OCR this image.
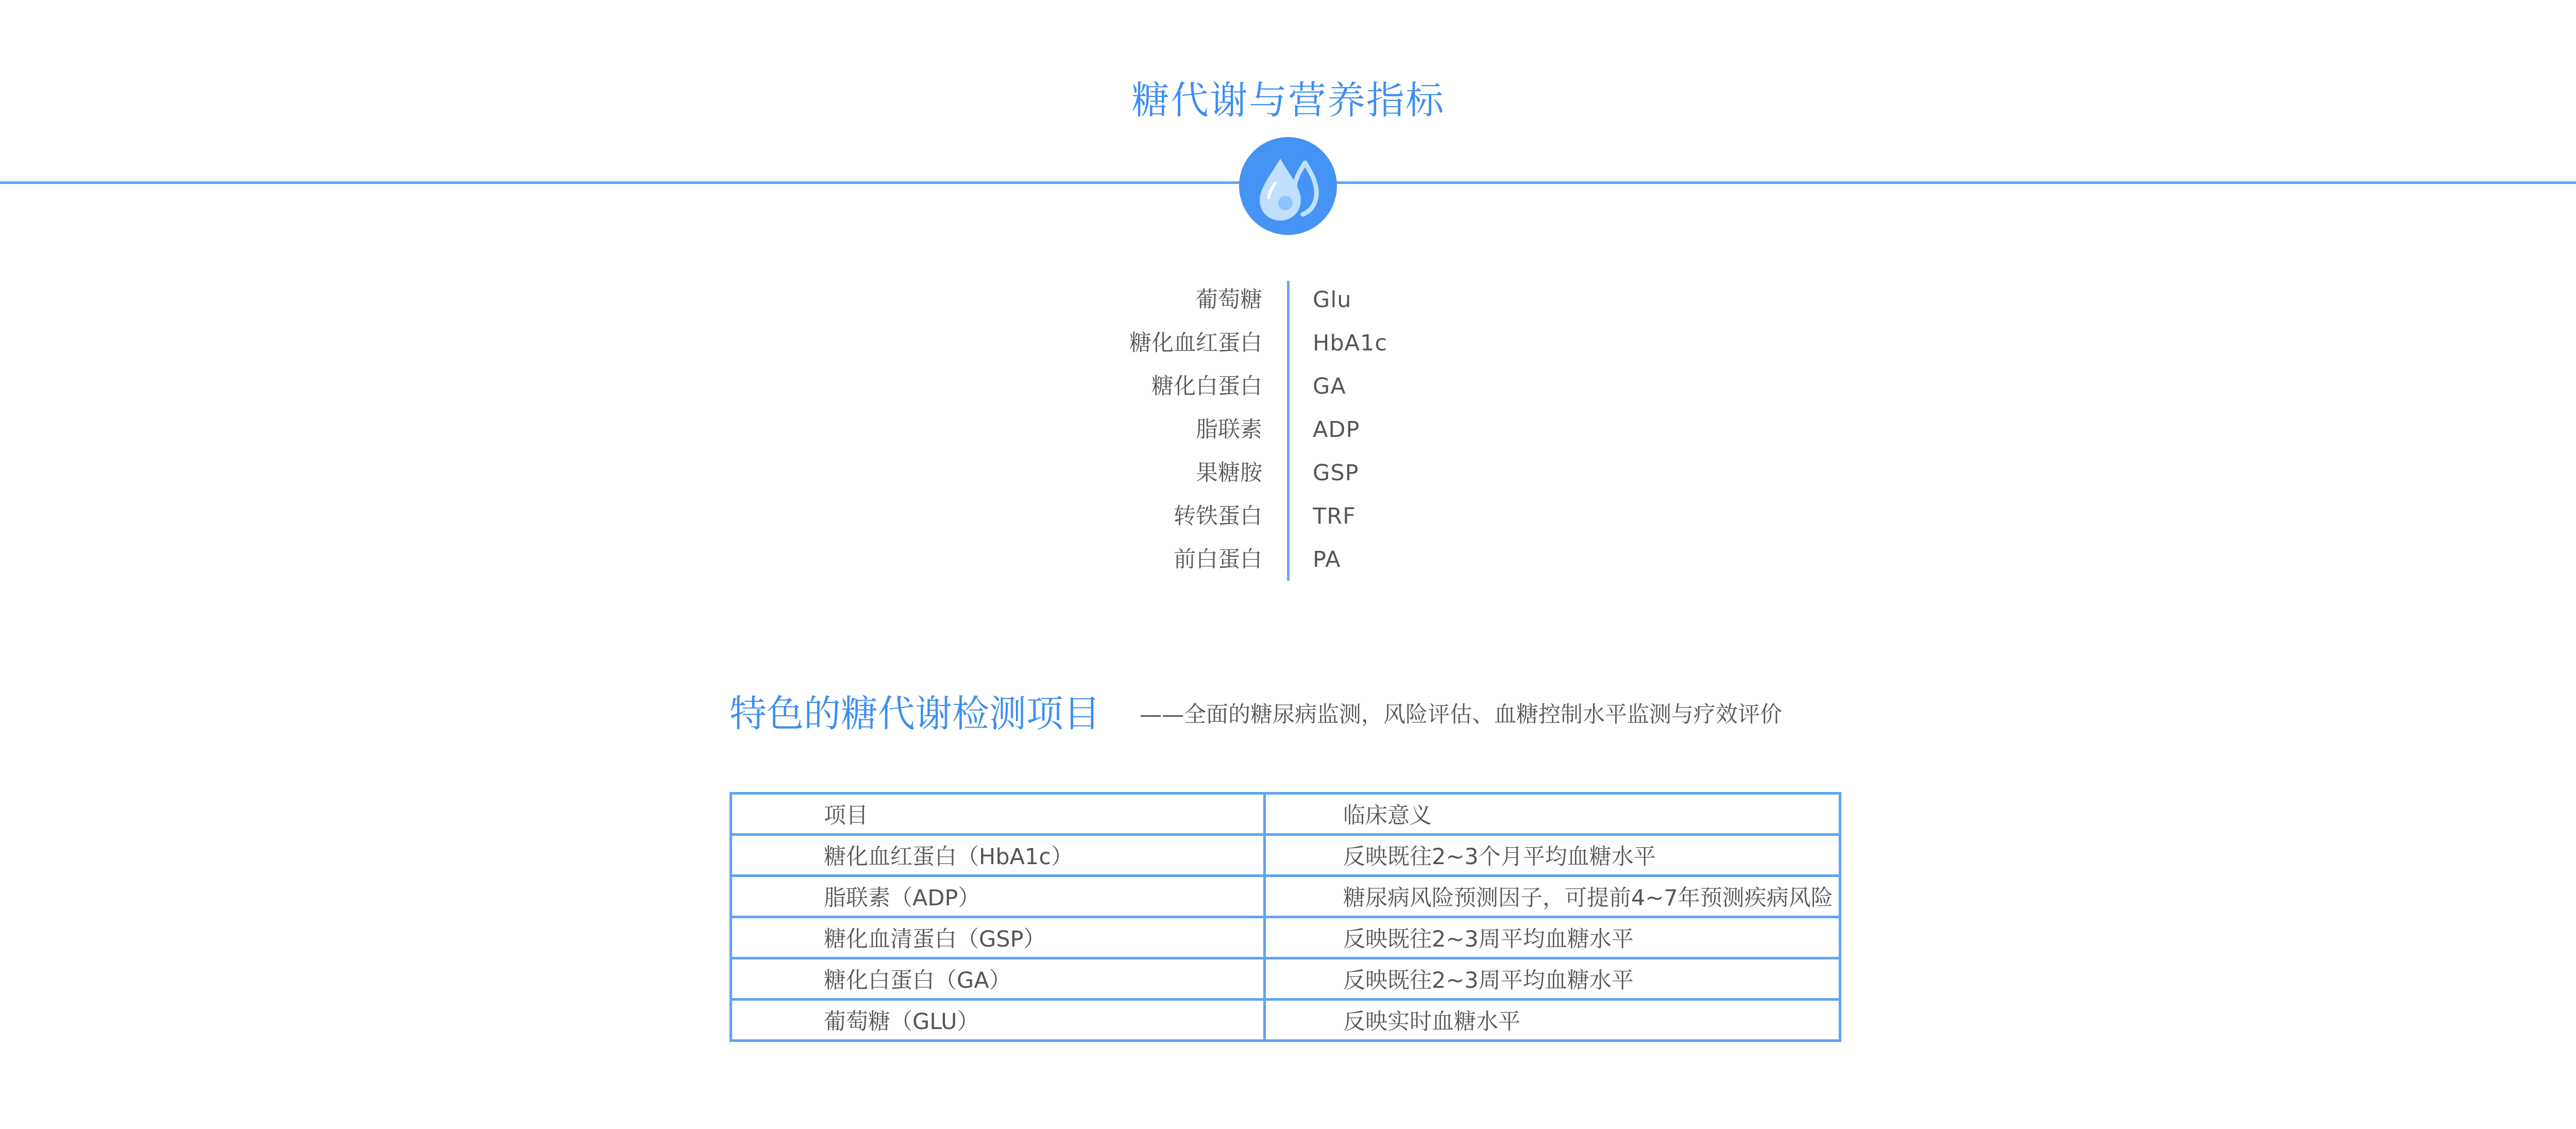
糖代谢与营养指标
葡萄糖 Glu
糖化血红蛋白 HbA1c
糖化白蛋白 GA
脂联素 ADP
果糖胺 GSP
转铁蛋白 TRF
前白蛋白 PA
特色的糖代谢检测项目 ——全面的糖尿病监测，风险评估、血糖控制水平监测与疗效评价
项目	临床意义
糖化血红蛋白（HbA1c）	反映既往2~3个月平均血糖水平
脂联素（ADP）	糖尿病风险预测因子，可提前4~7年预测疾病风险
糖化血清蛋白（GSP）	反映既往2~3周平均血糖水平
糖化白蛋白（GA）	反映既往2~3周平均血糖水平
葡萄糖（GLU）	反映实时血糖水平
